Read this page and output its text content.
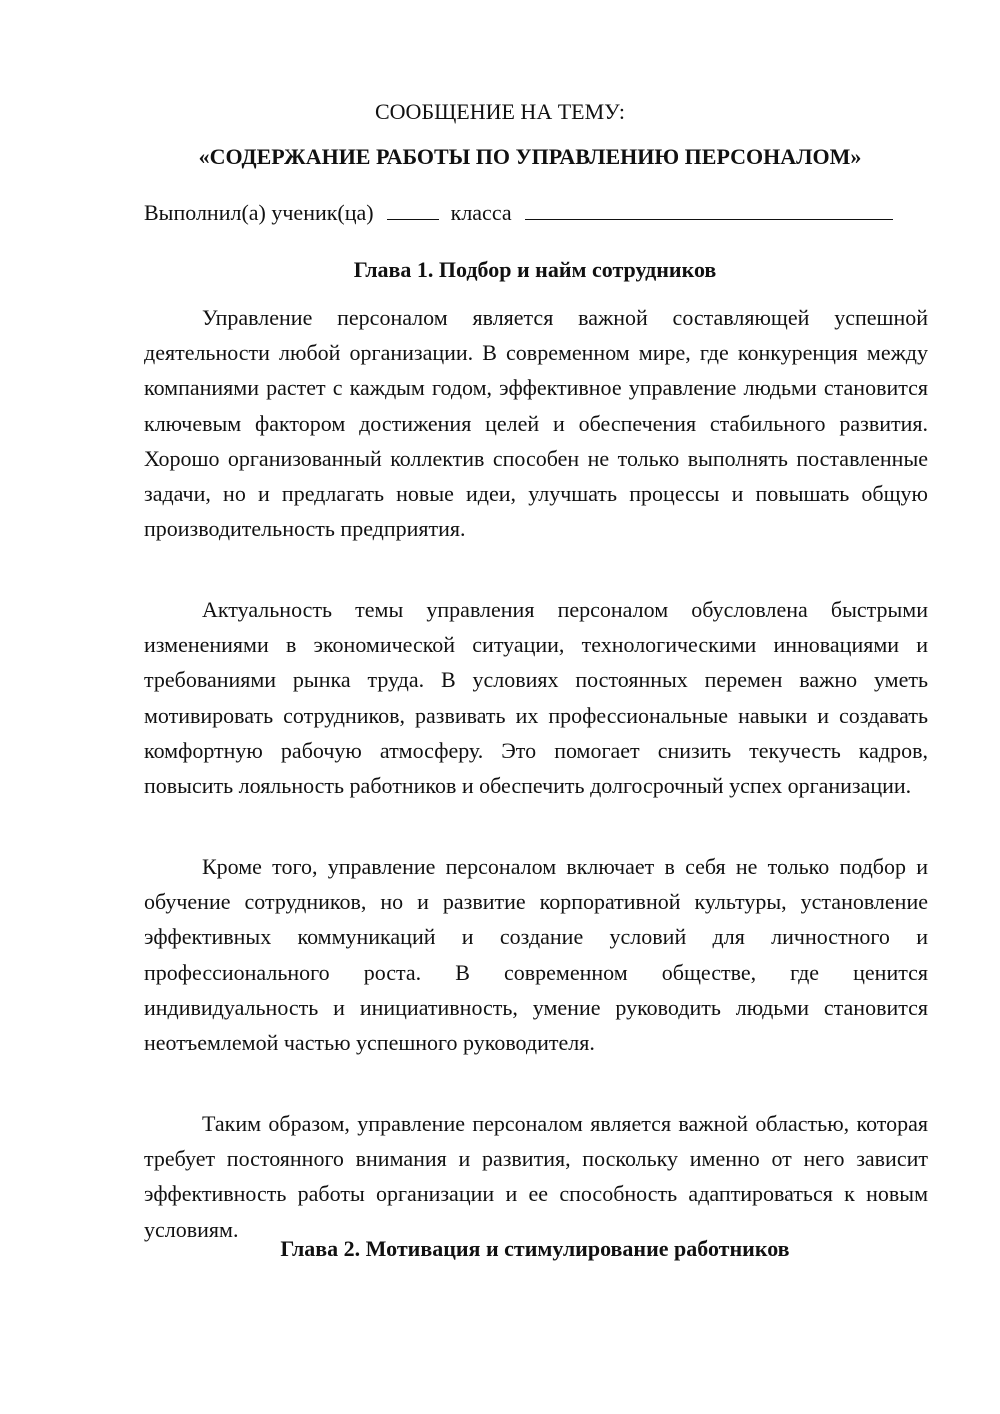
СООБЩЕНИЕ НА ТЕМУ:
«СОДЕРЖАНИЕ РАБОТЫ ПО УПРАВЛЕНИЮ ПЕРСОНАЛОМ»
Выполнил(а) ученик(ца)	класса
Глава 1. Подбор и найм сотрудников

Управление персоналом является важной составляющей успешной деятельности любой организации. В современном мире, где конкуренция между компаниями растет с каждым годом, эффективное управление людьми становится ключевым фактором достижения целей и обеспечения стабильного развития. Хорошо организованный коллектив способен не только выполнять поставленные задачи, но и предлагать новые идеи, улучшать процессы и повышать общую производительность предприятия.

Актуальность темы управления персоналом обусловлена быстрыми изменениями в экономической ситуации, технологическими инновациями и требованиями рынка труда. В условиях постоянных перемен важно уметь мотивировать сотрудников, развивать их профессиональные навыки и создавать комфортную рабочую атмосферу. Это помогает снизить текучесть кадров, повысить лояльность работников и обеспечить долгосрочный успех организации.

Кроме того, управление персоналом включает в себя не только подбор и обучение сотрудников, но и развитие корпоративной культуры, установление эффективных коммуникаций и создание условий для личностного и профессионального роста. В современном обществе, где ценится индивидуальность и инициативность, умение руководить людьми становится неотъемлемой частью успешного руководителя.

Таким образом, управление персоналом является важной областью, которая требует постоянного внимания и развития, поскольку именно от него зависит эффективность работы организации и ее способность адаптироваться к новым условиям.

Глава 2. Мотивация и стимулирование работников
